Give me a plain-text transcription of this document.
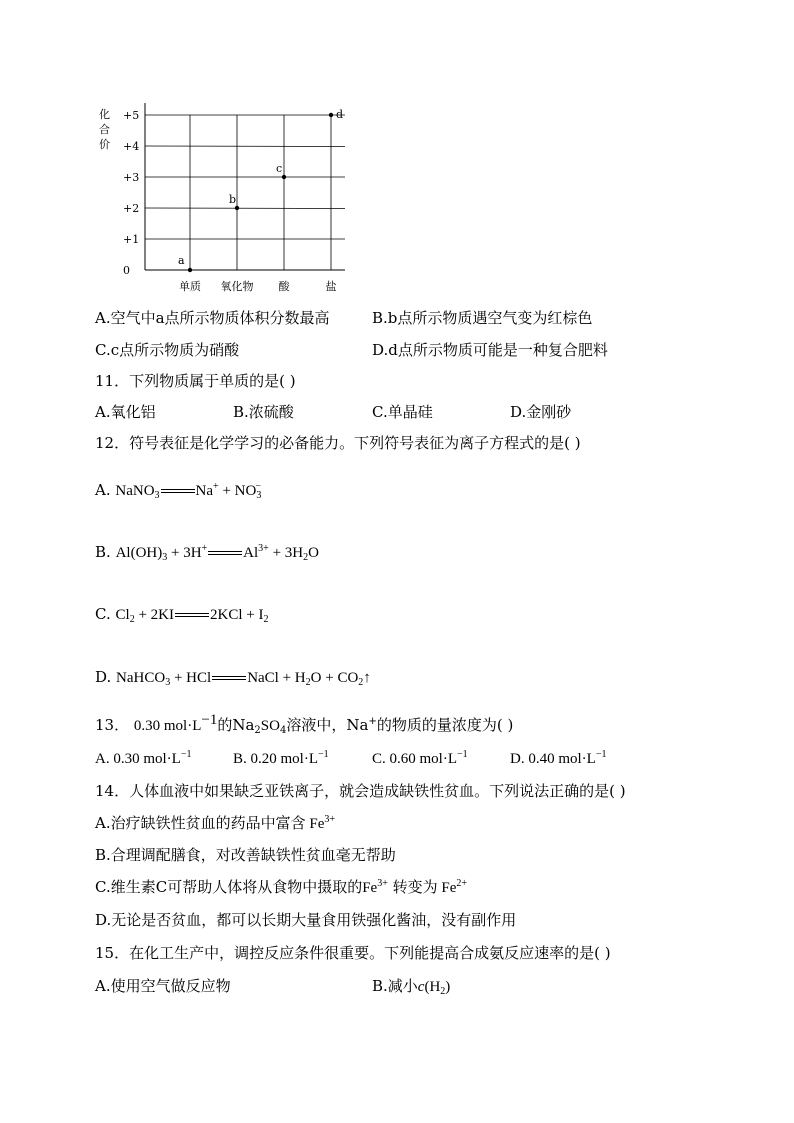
化
合
价
+5
+4
+3
+2
+1
0
单质 氧化物 酸	盐
a
b
c
d
A.空气中a点所示物质体积分数最高	B.b点所示物质遇空气变为红棕色
C.c点所示物质为硝酸	D.d点所示物质可能是一种复合肥料
11．下列物质属于单质的是( )
A.氧化铝	B.浓硫酸	C.单晶硅	D.金刚砂
12．符号表征是化学学习的必备能力。下列符号表征为离子方程式的是( )
A. NaNO$_3$ $Na^+ + NO_3^-$
B. $Al(OH)_3 + 3H^+$ $Al^{3+} + 3H_2O$
C. $Cl_2 + 2KI$ $2KCl + I_2$
D. NaHCO$_3$ + HCl NaCl + $H_2O$ + $CO_2↑$
13． 0.30 $mol\cdot L^{-1}$的$Na_2SO_4$溶液中，Na+的物质的量浓度为( )
A. 0.30 $mol\cdot L^{-1}$	B. 0.20 $mol\cdot L^{-1}$	C. 0.60 $mol\cdot L^{-1}$	D. 0.40 $mol\cdot L^{-1}$
14．人体血液中如果缺乏亚铁离子，就会造成缺铁性贫血。下列说法正确的是( )
A.治疗缺铁性贫血的药品中富含 $Fe^{3+}$
B.合理调配膳食，对改善缺铁性贫血毫无帮助
C.维生素C可帮助人体将从食物中摄取的$Fe^{3+}$ 转变为 $Fe^{2+}$
D.无论是否贫血，都可以长期大量食用铁强化酱油，没有副作用
15．在化工生产中，调控反应条件很重要。下列能提高合成氨反应速率的是( )
A.使用空气做反应物	B.减小$c(H_2)$
